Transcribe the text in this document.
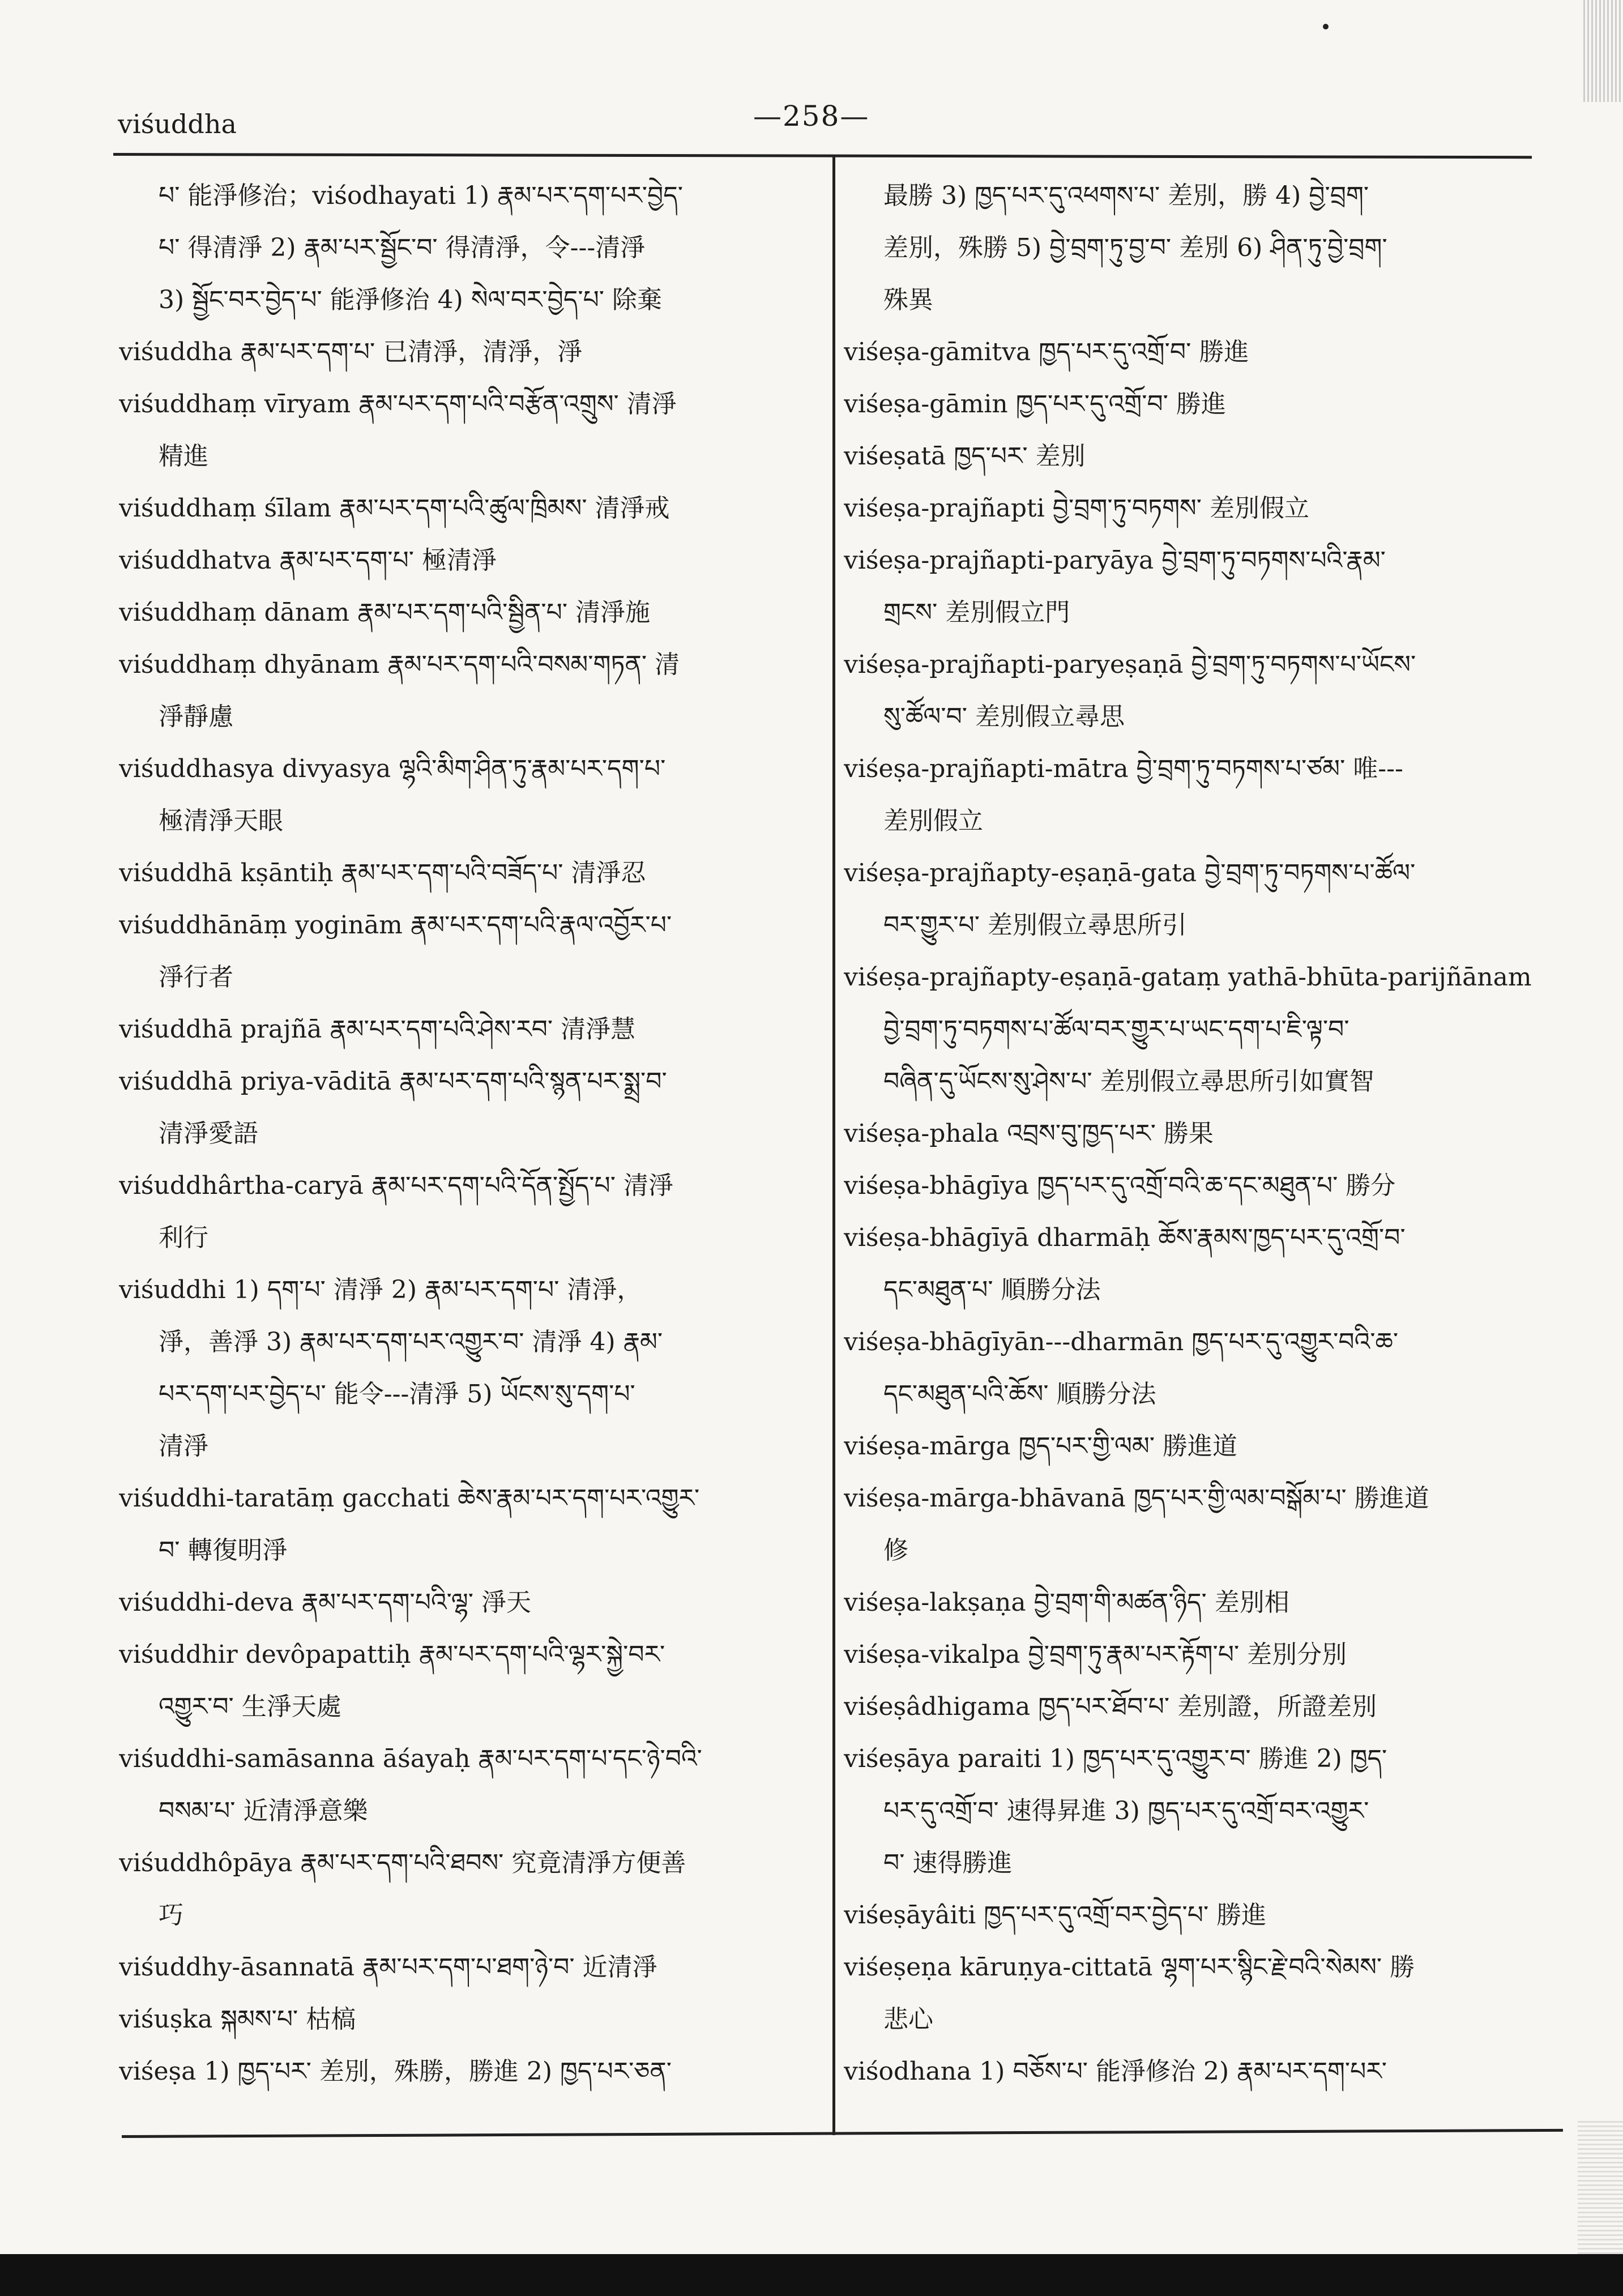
viśuddha	—258—
པ་ 能淨修治；viśodhayati 1) རྣམ་པར་དག་པར་བྱེད་
པ་ 得清淨 2) རྣམ་པར་སྦྱོང་བ་ 得清淨，令---清淨
3) སྦྱོང་བར་བྱེད་པ་ 能淨修治 4) སེལ་བར་བྱེད་པ་ 除棄
viśuddha རྣམ་པར་དག་པ་ 已清淨，清淨，淨
viśuddhaṃ vīryam རྣམ་པར་དག་པའི་བརྩོན་འགྲུས་ 清淨
精進
viśuddhaṃ śīlam རྣམ་པར་དག་པའི་ཚུལ་ཁྲིམས་ 清淨戒
viśuddhatva རྣམ་པར་དག་པ་ 極清淨
viśuddhaṃ dānam རྣམ་པར་དག་པའི་སྦྱིན་པ་ 清淨施
viśuddhaṃ dhyānam རྣམ་པར་དག་པའི་བསམ་གཏན་ 清
淨靜慮
viśuddhasya divyasya ལྷའི་མིག་ཤིན་ཏུ་རྣམ་པར་དག་པ་
極清淨天眼
viśuddhā kṣāntiḥ རྣམ་པར་དག་པའི་བཟོད་པ་ 清淨忍
viśuddhānāṃ yoginām རྣམ་པར་དག་པའི་རྣལ་འབྱོར་པ་
淨行者
viśuddhā prajñā རྣམ་པར་དག་པའི་ཤེས་རབ་ 清淨慧
viśuddhā priya-vāditā རྣམ་པར་དག་པའི་སྙན་པར་སྨྲ་བ་
清淨愛語
viśuddhârtha-caryā རྣམ་པར་དག་པའི་དོན་སྤྱོད་པ་ 清淨
利行
viśuddhi 1) དག་པ་ 清淨 2) རྣམ་པར་དག་པ་ 清淨，
淨，善淨 3) རྣམ་པར་དག་པར་འགྱུར་བ་ 清淨 4) རྣམ་
པར་དག་པར་བྱེད་པ་ 能令---清淨 5) ཡོངས་སུ་དག་པ་
清淨
viśuddhi-taratāṃ gacchati ཆེས་རྣམ་པར་དག་པར་འགྱུར་
བ་ 轉復明淨
viśuddhi-deva རྣམ་པར་དག་པའི་ལྷ་ 淨天
viśuddhir devôpapattiḥ རྣམ་པར་དག་པའི་ལྷར་སྐྱེ་བར་
འགྱུར་བ་ 生淨天處
viśuddhi-samāsanna āśayaḥ རྣམ་པར་དག་པ་དང་ཉེ་བའི་
བསམ་པ་ 近清淨意樂
viśuddhôpāya རྣམ་པར་དག་པའི་ཐབས་ 究竟清淨方便善
巧
viśuddhy-āsannatā རྣམ་པར་དག་པ་ཐག་ཉེ་བ་ 近清淨
viśuṣka སྐམས་པ་ 枯槁
viśeṣa 1) ཁྱད་པར་ 差別，殊勝，勝進 2) ཁྱད་པར་ཅན་
最勝 3) ཁྱད་པར་དུ་འཕགས་པ་ 差別，勝 4) བྱེ་བྲག་
差別，殊勝 5) བྱེ་བྲག་ཏུ་བྱ་བ་ 差別 6) ཤིན་ཏུ་བྱེ་བྲག་
殊異
viśeṣa-gāmitva ཁྱད་པར་དུ་འགྲོ་བ་ 勝進
viśeṣa-gāmin ཁྱད་པར་དུ་འགྲོ་བ་ 勝進
viśeṣatā ཁྱད་པར་ 差別
viśeṣa-prajñapti བྱེ་བྲག་ཏུ་བཏགས་ 差別假立
viśeṣa-prajñapti-paryāya བྱེ་བྲག་ཏུ་བཏགས་པའི་རྣམ་
གྲངས་ 差別假立門
viśeṣa-prajñapti-paryeṣaṇā བྱེ་བྲག་ཏུ་བཏགས་པ་ཡོངས་
སུ་ཚོལ་བ་ 差別假立尋思
viśeṣa-prajñapti-mātra བྱེ་བྲག་ཏུ་བཏགས་པ་ཙམ་ 唯---
差別假立
viśeṣa-prajñapty-eṣaṇā-gata བྱེ་བྲག་ཏུ་བཏགས་པ་ཚོལ་
བར་གྱུར་པ་ 差別假立尋思所引
viśeṣa-prajñapty-eṣaṇā-gataṃ yathā-bhūta-parijñānam
བྱེ་བྲག་ཏུ་བཏགས་པ་ཚོལ་བར་གྱུར་པ་ཡང་དག་པ་ཇི་ལྟ་བ་
བཞིན་དུ་ཡོངས་སུ་ཤེས་པ་ 差別假立尋思所引如實智
viśeṣa-phala འབྲས་བུ་ཁྱད་པར་ 勝果
viśeṣa-bhāgīya ཁྱད་པར་དུ་འགྲོ་བའི་ཆ་དང་མཐུན་པ་ 勝分
viśeṣa-bhāgīyā dharmāḥ ཆོས་རྣམས་ཁྱད་པར་དུ་འགྲོ་བ་
དང་མཐུན་པ་ 順勝分法
viśeṣa-bhāgīyān---dharmān ཁྱད་པར་དུ་འགྱུར་བའི་ཆ་
དང་མཐུན་པའི་ཆོས་ 順勝分法
viśeṣa-mārga ཁྱད་པར་གྱི་ལམ་ 勝進道
viśeṣa-mārga-bhāvanā ཁྱད་པར་གྱི་ལམ་བསྒོམ་པ་ 勝進道
修
viśeṣa-lakṣaṇa བྱེ་བྲག་གི་མཚན་ཉིད་ 差別相
viśeṣa-vikalpa བྱེ་བྲག་ཏུ་རྣམ་པར་རྟོག་པ་ 差別分別
viśeṣâdhigama ཁྱད་པར་ཐོབ་པ་ 差別證，所證差別
viśeṣāya paraiti 1) ཁྱད་པར་དུ་འགྱུར་བ་ 勝進 2) ཁྱད་
པར་དུ་འགྲོ་བ་ 速得昇進 3) ཁྱད་པར་དུ་འགྲོ་བར་འགྱུར་
བ་ 速得勝進
viśeṣāyâiti ཁྱད་པར་དུ་འགྲོ་བར་བྱེད་པ་ 勝進
viśeṣeṇa kāruṇya-cittatā ལྷག་པར་སྙིང་རྗེ་བའི་སེམས་ 勝
悲心
viśodhana 1) བཅོས་པ་ 能淨修治 2) རྣམ་པར་དག་པར་
